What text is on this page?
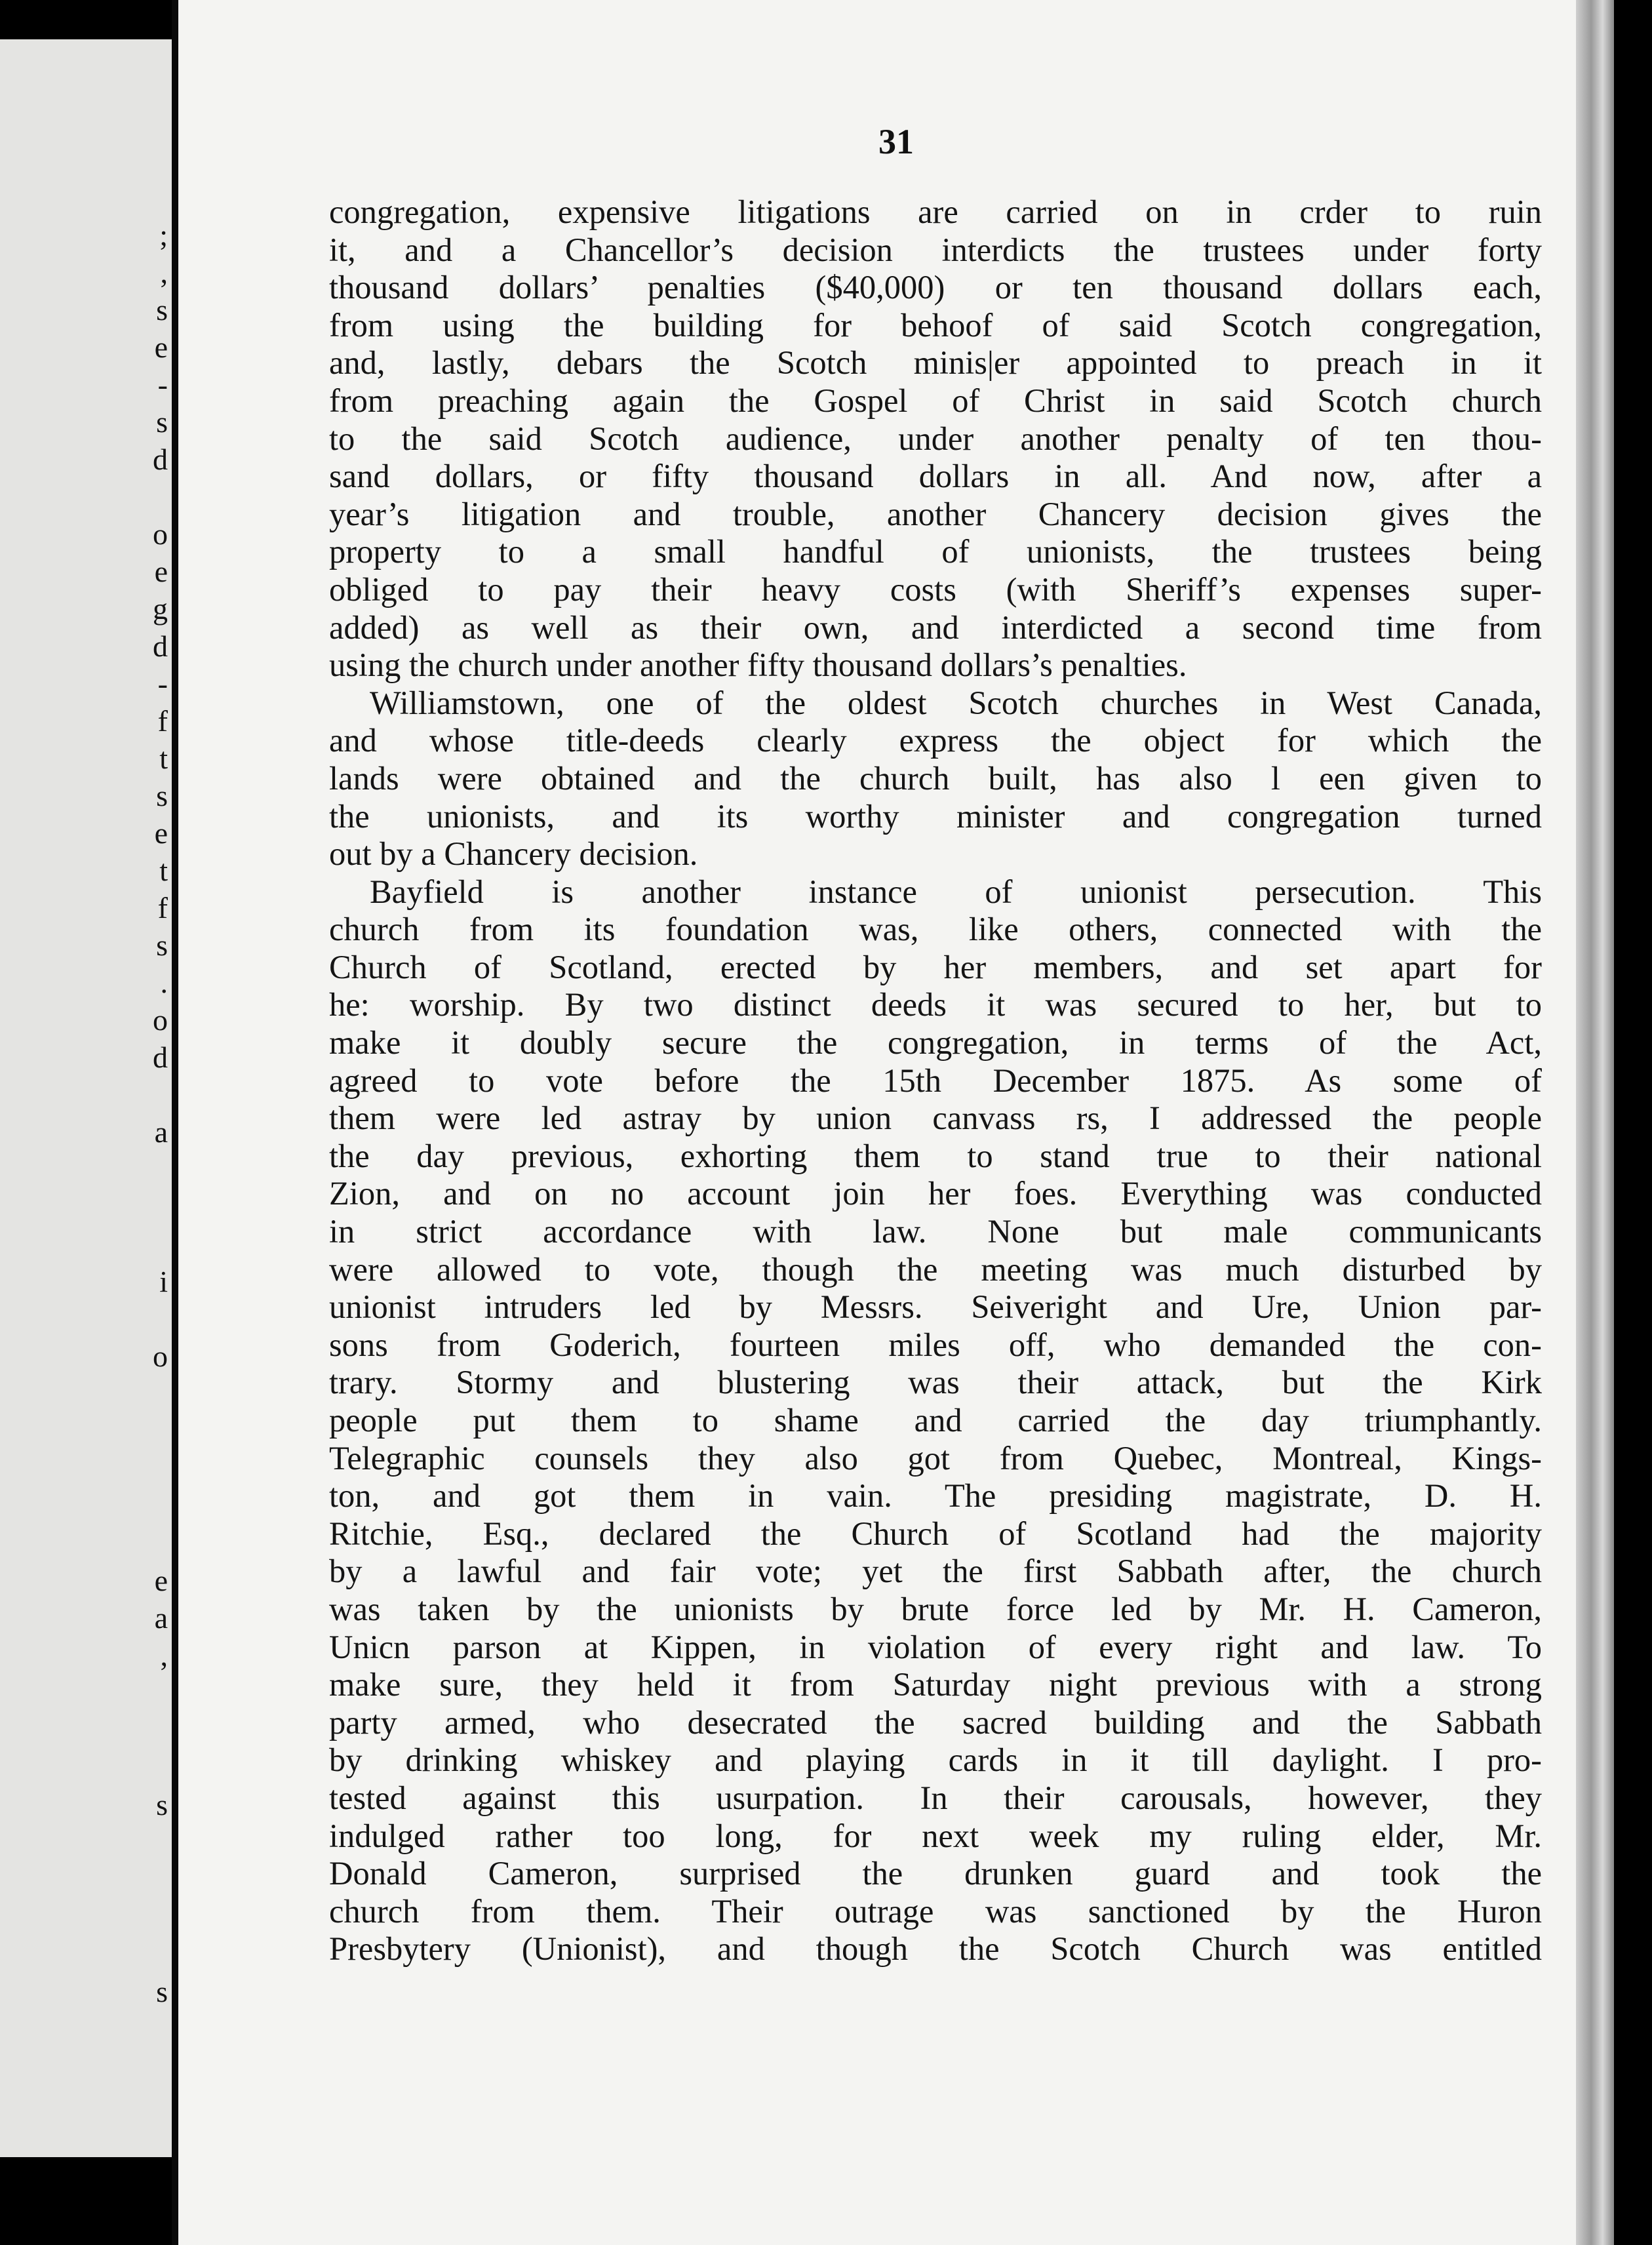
;
,
s
e
-
s
d

o
e
g
d
-
f
t
s
e
t
f
s
.
o
d

a

i

o

e
a
,

s

s
31
congregation, expensive litigations are carried on in crder to ruin
it, and a Chancellor’s decision interdicts the trustees under forty
thousand dollars’ penalties ($40,000) or ten thousand dollars each,
from using the building for behoof of said Scotch congregation,
and, lastly, debars the Scotch minis|er appointed to preach in it
from preaching again the Gospel of Christ in said Scotch church
to the said Scotch audience, under another penalty of ten thou-
sand dollars, or fifty thousand dollars in all. And now, after a
year’s litigation and trouble, another Chancery decision gives the
property to a small handful of unionists, the trustees being
obliged to pay their heavy costs (with Sheriff’s expenses super-
added) as well as their own, and interdicted a second time from
using the church under another fifty thousand dollars’s penalties.
Williamstown, one of the oldest Scotch churches in West Canada,
and whose title-deeds clearly express the object for which the
lands were obtained and the church built, has also l een given to
the unionists, and its worthy minister and congregation turned
out by a Chancery decision.
Bayfield is another instance of unionist persecution. This
church from its foundation was, like others, connected with the
Church of Scotland, erected by her members, and set apart for
he: worship. By two distinct deeds it was secured to her, but to
make it doubly secure the congregation, in terms of the Act,
agreed to vote before the 15th December 1875. As some of
them were led astray by union canvass rs, I addressed the people
the day previous, exhorting them to stand true to their national
Zion, and on no account join her foes. Everything was conducted
in strict accordance with law. None but male communicants
were allowed to vote, though the meeting was much disturbed by
unionist intruders led by Messrs. Seiveright and Ure, Union par-
sons from Goderich, fourteen miles off, who demanded the con-
trary. Stormy and blustering was their attack, but the Kirk
people put them to shame and carried the day triumphantly.
Telegraphic counsels they also got from Quebec, Montreal, Kings-
ton, and got them in vain. The presiding magistrate, D. H.
Ritchie, Esq., declared the Church of Scotland had the majority
by a lawful and fair vote; yet the first Sabbath after, the church
was taken by the unionists by brute force led by Mr. H. Cameron,
Unicn parson at Kippen, in violation of every right and law. To
make sure, they held it from Saturday night previous with a strong
party armed, who desecrated the sacred building and the Sabbath
by drinking whiskey and playing cards in it till daylight. I pro-
tested against this usurpation. In their carousals, however, they
indulged rather too long, for next week my ruling elder, Mr.
Donald Cameron, surprised the drunken guard and took the
church from them. Their outrage was sanctioned by the Huron
Presbytery (Unionist), and though the Scotch Church was entitled
